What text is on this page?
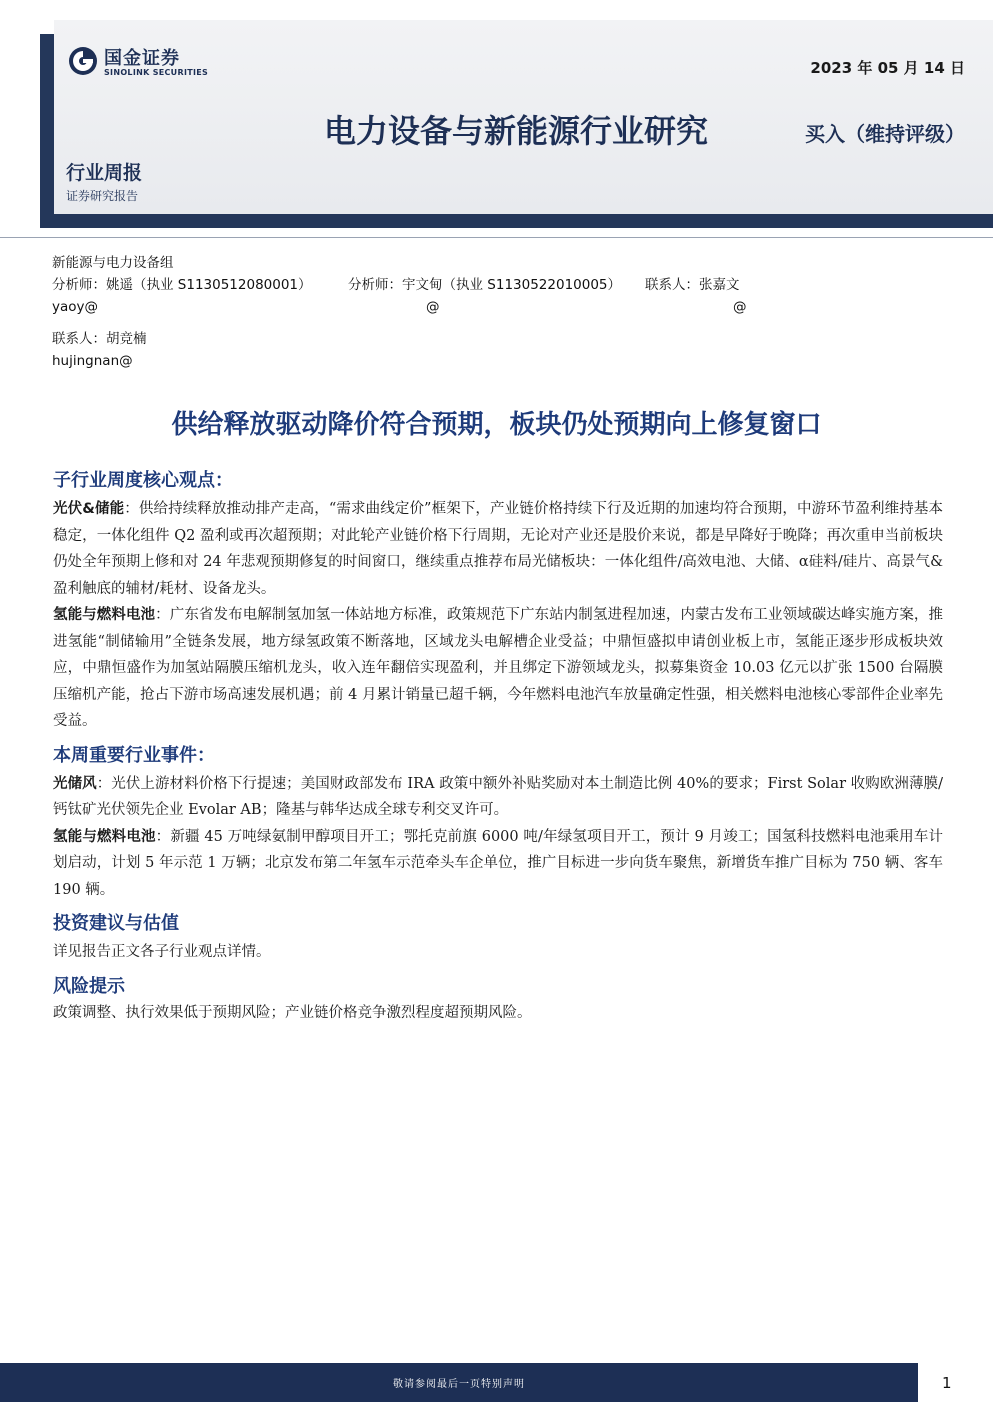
国金证券
SINOLINK SECURITIES	2023 年 05 月 14 日
电力设备与新能源行业研究	买入（维持评级）
行业周报
证券研究报告
新能源与电力设备组
分析师：姚遥（执业 S1130512080001）	分析师：宇文甸（执业 S1130522010005） 联系人：张嘉文
yaoy@	@	@
联系人：胡竞楠
hujingnan@
供给释放驱动降价符合预期，板块仍处预期向上修复窗口
子行业周度核心观点：

光伏&储能：供给持续释放推动排产走高，“需求曲线定价”框架下，产业链价格持续下行及近期的加速均符合预期，中游环节盈利维持基本稳定，一体化组件 Q2 盈利或再次超预期；对此轮产业链价格下行周期，无论对产业还是股价来说，都是早降好于晚降；再次重申当前板块仍处全年预期上修和对 24 年悲观预期修复的时间窗口，继续重点推荐布局光储板块：一体化组件/高效电池、大储、α硅料/硅片、高景气&盈利触底的辅材/耗材、设备龙头。

氢能与燃料电池：广东省发布电解制氢加氢一体站地方标准，政策规范下广东站内制氢进程加速，内蒙古发布工业领域碳达峰实施方案，推进氢能“制储输用”全链条发展，地方绿氢政策不断落地，区域龙头电解槽企业受益；中鼎恒盛拟申请创业板上市，氢能正逐步形成板块效应，中鼎恒盛作为加氢站隔膜压缩机龙头，收入连年翻倍实现盈利，并且绑定下游领域龙头，拟募集资金 10.03 亿元以扩张 1500 台隔膜压缩机产能，抢占下游市场高速发展机遇；前 4 月累计销量已超千辆，今年燃料电池汽车放量确定性强，相关燃料电池核心零部件企业率先受益。

本周重要行业事件：

光储风：光伏上游材料价格下行提速；美国财政部发布 IRA 政策中额外补贴奖励对本土制造比例 40%的要求；First Solar 收购欧洲薄膜/钙钛矿光伏领先企业 Evolar AB；隆基与韩华达成全球专利交叉许可。

氢能与燃料电池：新疆 45 万吨绿氨制甲醇项目开工；鄂托克前旗 6000 吨/年绿氢项目开工，预计 9 月竣工；国氢科技燃料电池乘用车计划启动，计划 5 年示范 1 万辆；北京发布第二年氢车示范牵头车企单位，推广目标进一步向货车聚焦，新增货车推广目标为 750 辆、客车 190 辆。

投资建议与估值

详见报告正文各子行业观点详情。

风险提示

政策调整、执行效果低于预期风险；产业链价格竞争激烈程度超预期风险。

敬请参阅最后一页特别声明	1
